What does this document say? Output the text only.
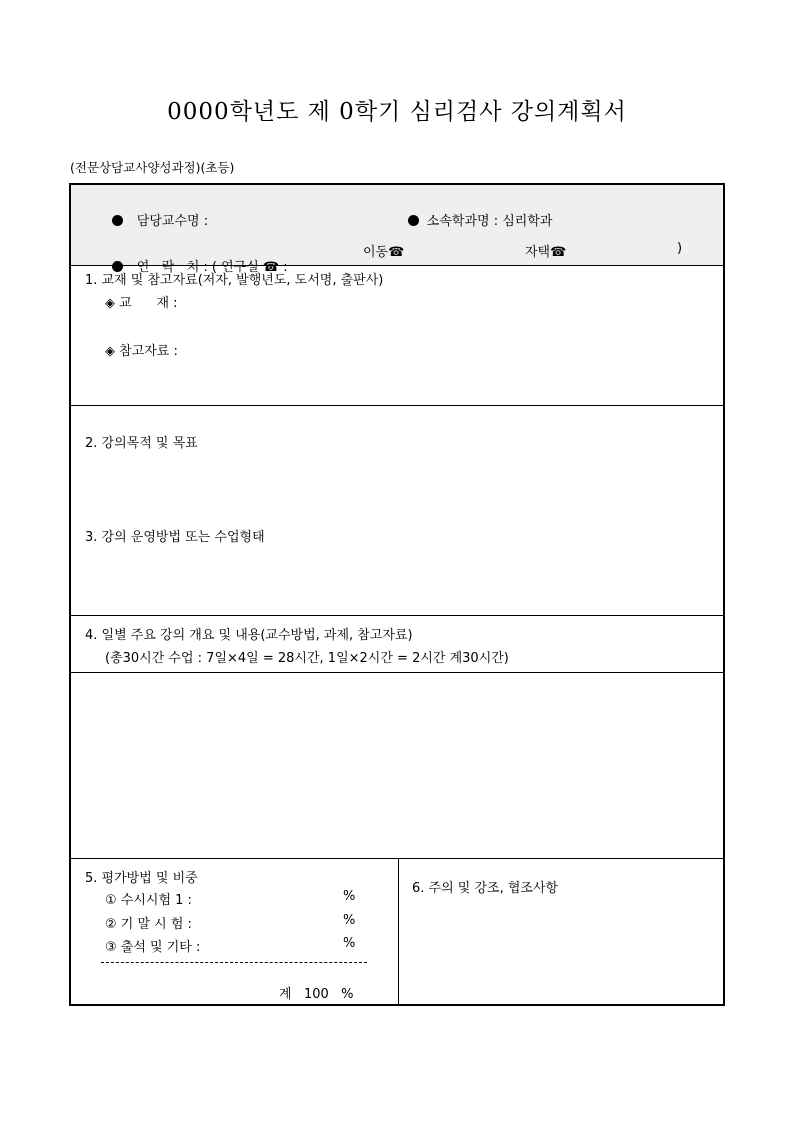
0000학년도 제 0학기 심리검사 강의계획서
(전문상담교사양성과정)(초등)

담당교수명 :
	소속학과명 : 심리학과

연   락   처 : ( 연구실 ☎ :

이동☎	자택☎	)
1. 교재 및 참고자료(저자, 발행년도, 도서명, 출판사)
◈ 교      재 :
◈ 참고자료 :
2. 강의목적 및 목표
3. 강의 운영방법 또는 수업형태
4. 일별 주요 강의 개요 및 내용(교수방법, 과제, 참고자료)
(총30시간 수업 : 7일×4일 = 28시간, 1일×2시간 = 2시간 계30시간)
5. 평가방법 및 비중
① 수시시험 1 :	%
② 기 말 시 험 :	%
③ 출석 및 기타 :	%
계   100   %
6. 주의 및 강조, 협조사항
